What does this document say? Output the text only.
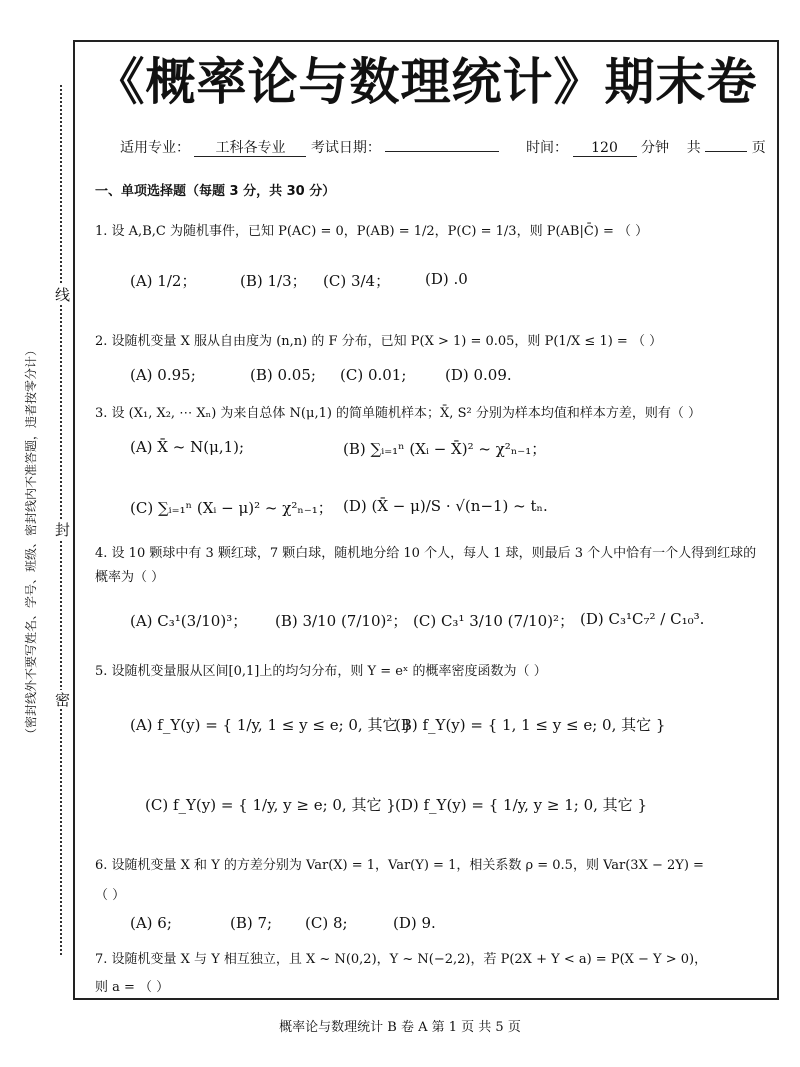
线
封
密
（密封线外不要写姓名、学号、班级、密封线内不准答题，违者按零分计）
《概率论与数理统计》期末卷
适用专业： 工科各专业 考试日期：	时间： 120 分钟 共	页
一、单项选择题（每题 3 分，共 30 分）
1. 设 A,B,C 为随机事件，已知 P(AC) = 0，P(AB) = 1/2，P(C) = 1/3，则 P(AB|C̄) = （ ）
(A) 1/2；	(B) 1/3； (C) 3/4； (D) .0
2. 设随机变量 X 服从自由度为 (n,n) 的 F 分布，已知 P(X > 1) = 0.05，则 P(1/X ≤ 1) = （ ）
(A) 0.95;	(B) 0.05; (C) 0.01;	(D) 0.09.
3. 设 (X₁, X₂, ⋯ Xₙ) 为来自总体 N(μ,1) 的简单随机样本；X̄, S² 分别为样本均值和样本方差，则有（ ）
(A) X̄ ~ N(μ,1);	(B) ∑ᵢ₌₁ⁿ (Xᵢ − X̄)² ~ χ²ₙ₋₁；
(C) ∑ᵢ₌₁ⁿ (Xᵢ − μ)² ~ χ²ₙ₋₁； (D) (X̄ − μ)/S · √(n−1) ~ tₙ.
4. 设 10 颗球中有 3 颗红球，7 颗白球，随机地分给 10 个人，每人 1 球，则最后 3 个人中恰有一个人得到红球的
概率为（ ）
(A) C₃¹(3/10)³； (B) 3/10 (7/10)²； (C) C₃¹ 3/10 (7/10)²； (D) C₃¹C₇² / C₁₀³.
5. 设随机变量服从区间[0,1]上的均匀分布，则 Y = eˣ 的概率密度函数为（ ）
(A) f_Y(y) = { 1/y, 1 ≤ y ≤ e; 0, 其它 }
(B) f_Y(y) = { 1, 1 ≤ y ≤ e; 0, 其它 }
(C) f_Y(y) = { 1/y, y ≥ e; 0, 其它 } (D) f_Y(y) = { 1/y, y ≥ 1; 0, 其它 }
6. 设随机变量 X 和 Y 的方差分别为 Var(X) = 1，Var(Y) = 1，相关系数 ρ = 0.5，则 Var(3X − 2Y) =
（ ）
(A) 6;	(B) 7; (C) 8;	(D) 9.
7. 设随机变量 X 与 Y 相互独立，且 X ~ N(0,2)，Y ~ N(−2,2)，若 P(2X + Y < a) = P(X − Y > 0)，
则 a = （ ）
概率论与数理统计 B 卷 A 第 1 页 共 5 页
